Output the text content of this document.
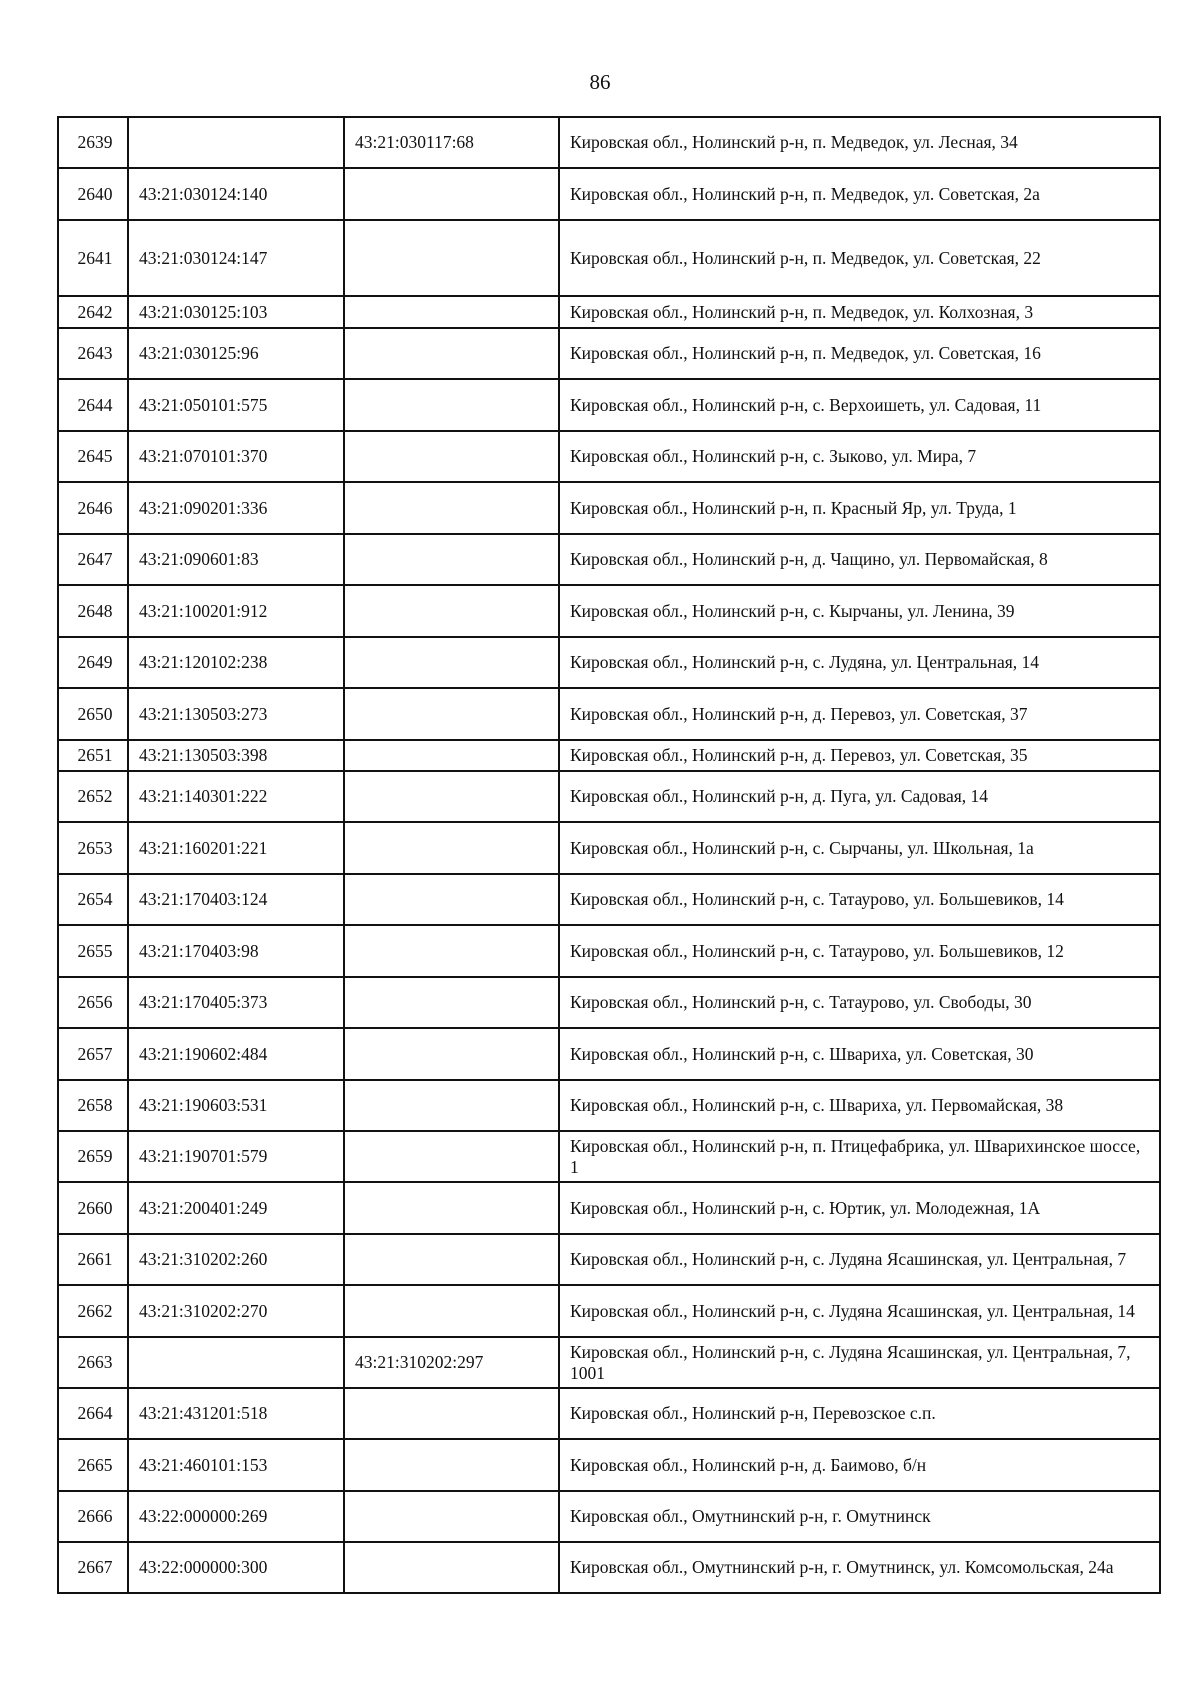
86
2639		43:21:030117:68	Кировская обл., Нолинский р-н, п. Медведок, ул. Лесная, 34
2640	43:21:030124:140		Кировская обл., Нолинский р-н, п. Медведок, ул. Советская, 2а
2641	43:21:030124:147		Кировская обл., Нолинский р-н, п. Медведок, ул. Советская, 22
2642	43:21:030125:103		Кировская обл., Нолинский р-н, п. Медведок, ул. Колхозная, 3
2643	43:21:030125:96		Кировская обл., Нолинский р-н, п. Медведок, ул. Советская, 16
2644	43:21:050101:575		Кировская обл., Нолинский р-н, с. Верхоишеть, ул. Садовая, 11
2645	43:21:070101:370		Кировская обл., Нолинский р-н, с. Зыково, ул. Мира, 7
2646	43:21:090201:336		Кировская обл., Нолинский р-н, п. Красный Яр, ул. Труда, 1
2647	43:21:090601:83		Кировская обл., Нолинский р-н, д. Чащино, ул. Первомайская, 8
2648	43:21:100201:912		Кировская обл., Нолинский р-н, с. Кырчаны, ул. Ленина, 39
2649	43:21:120102:238		Кировская обл., Нолинский р-н, с. Лудяна, ул. Центральная, 14
2650	43:21:130503:273		Кировская обл., Нолинский р-н, д. Перевоз, ул. Советская, 37
2651	43:21:130503:398		Кировская обл., Нолинский р-н, д. Перевоз, ул. Советская, 35
2652	43:21:140301:222		Кировская обл., Нолинский р-н, д. Пуга, ул. Садовая, 14
2653	43:21:160201:221		Кировская обл., Нолинский р-н, с. Сырчаны, ул. Школьная, 1а
2654	43:21:170403:124		Кировская обл., Нолинский р-н, с. Татаурово, ул. Большевиков, 14
2655	43:21:170403:98		Кировская обл., Нолинский р-н, с. Татаурово, ул. Большевиков, 12
2656	43:21:170405:373		Кировская обл., Нолинский р-н, с. Татаурово, ул. Свободы, 30
2657	43:21:190602:484		Кировская обл., Нолинский р-н, с. Швариха, ул. Советская, 30
2658	43:21:190603:531		Кировская обл., Нолинский р-н, с. Швариха, ул. Первомайская, 38
2659	43:21:190701:579		Кировская обл., Нолинский р-н, п. Птицефабрика, ул. Шварихинское шоссе, 1
2660	43:21:200401:249		Кировская обл., Нолинский р-н, с. Юртик, ул. Молодежная, 1А
2661	43:21:310202:260		Кировская обл., Нолинский р-н, с. Лудяна Ясашинская, ул. Центральная, 7
2662	43:21:310202:270		Кировская обл., Нолинский р-н, с. Лудяна Ясашинская, ул. Центральная, 14
2663		43:21:310202:297	Кировская обл., Нолинский р-н, с. Лудяна Ясашинская, ул. Центральная, 7, 1001
2664	43:21:431201:518		Кировская обл., Нолинский р-н, Перевозское с.п.
2665	43:21:460101:153		Кировская обл., Нолинский р-н, д. Баимово, б/н
2666	43:22:000000:269		Кировская обл., Омутнинский р-н, г. Омутнинск
2667	43:22:000000:300		Кировская обл., Омутнинский р-н, г. Омутнинск, ул. Комсомольская, 24а
